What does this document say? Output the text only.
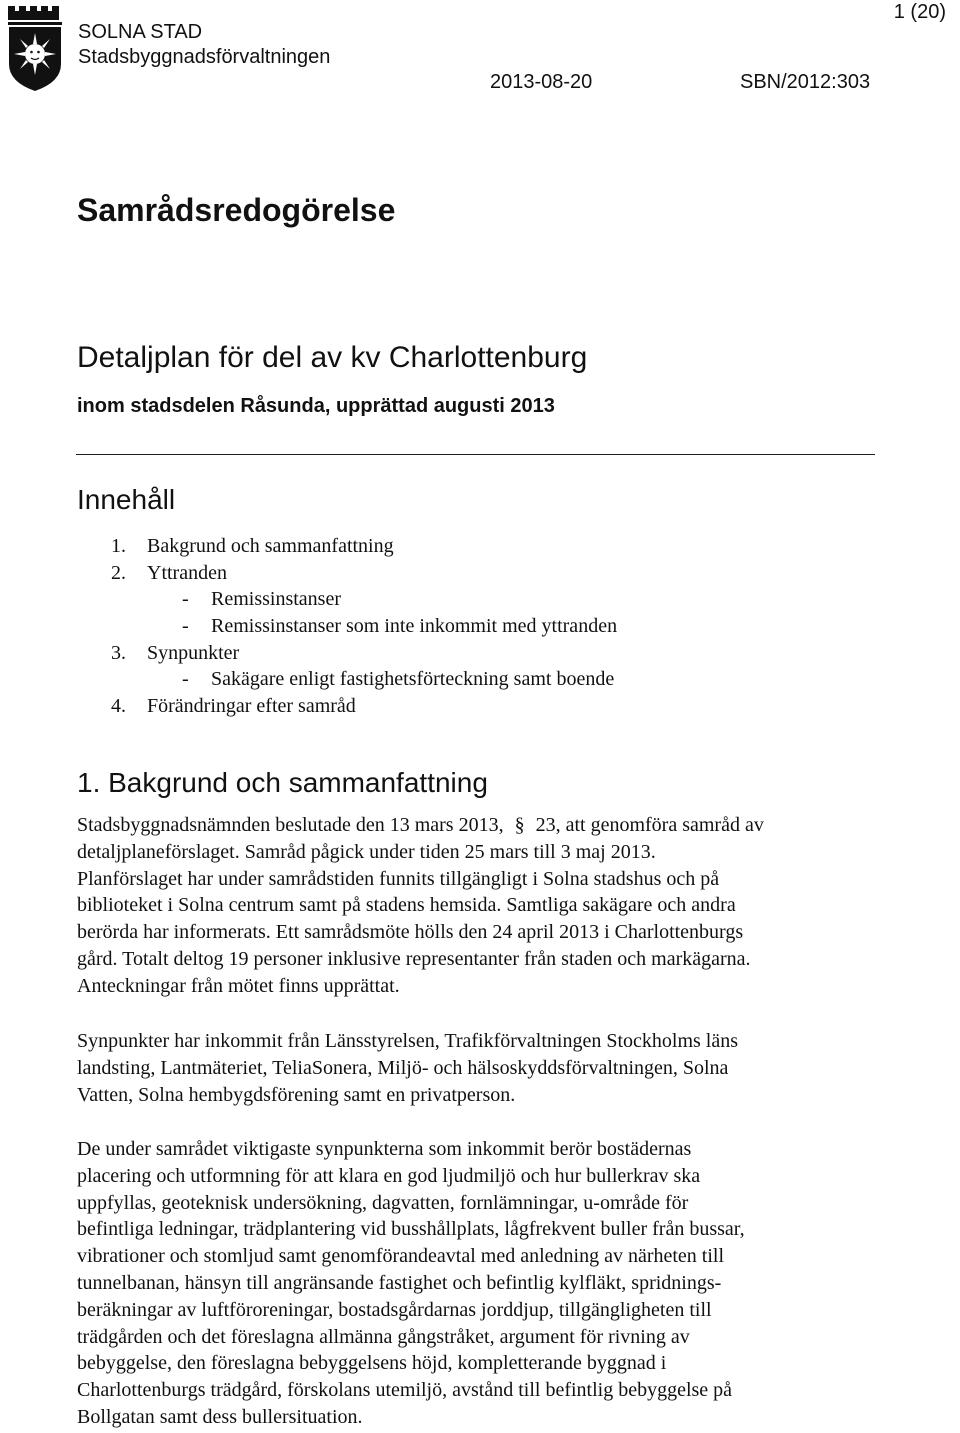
SOLNA STAD
Stadsbyggnadsförvaltningen
1 (20)
2013-08-20	SBN/2012:303
Samrådsredogörelse
Detaljplan för del av kv Charlottenburg
inom stadsdelen Råsunda, upprättad augusti 2013
Innehåll
1. Bakgrund och sammanfattning
2. Yttranden
- Remissinstanser
- Remissinstanser som inte inkommit med yttranden
3. Synpunkter
- Sakägare enligt fastighetsförteckning samt boende
4. Förändringar efter samråd
1. Bakgrund och sammanfattning
Stadsbyggnadsnämnden beslutade den 13 mars 2013, § 23, att genomföra samråd av
detaljplaneförslaget. Samråd pågick under tiden 25 mars till 3 maj 2013.
Planförslaget har under samrådstiden funnits tillgängligt i Solna stadshus och på
biblioteket i Solna centrum samt på stadens hemsida. Samtliga sakägare och andra
berörda har informerats. Ett samrådsmöte hölls den 24 april 2013 i Charlottenburgs
gård. Totalt deltog 19 personer inklusive representanter från staden och markägarna.
Anteckningar från mötet finns upprättat.
Synpunkter har inkommit från Länsstyrelsen, Trafikförvaltningen Stockholms läns
landsting, Lantmäteriet, TeliaSonera, Miljö- och hälsoskyddsförvaltningen, Solna
Vatten, Solna hembygdsförening samt en privatperson.
De under samrådet viktigaste synpunkterna som inkommit berör bostädernas
placering och utformning för att klara en god ljudmiljö och hur bullerkrav ska
uppfyllas, geoteknisk undersökning, dagvatten, fornlämningar, u-område för
befintliga ledningar, trädplantering vid busshållplats, lågfrekvent buller från bussar,
vibrationer och stomljud samt genomförandeavtal med anledning av närheten till
tunnelbanan, hänsyn till angränsande fastighet och befintlig kylfläkt, spridnings-
beräkningar av luftföroreningar, bostadsgårdarnas jorddjup, tillgängligheten till
trädgården och det föreslagna allmänna gångstråket, argument för rivning av
bebyggelse, den föreslagna bebyggelsens höjd, kompletterande byggnad i
Charlottenburgs trädgård, förskolans utemiljö, avstånd till befintlig bebyggelse på
Bollgatan samt dess bullersituation.
